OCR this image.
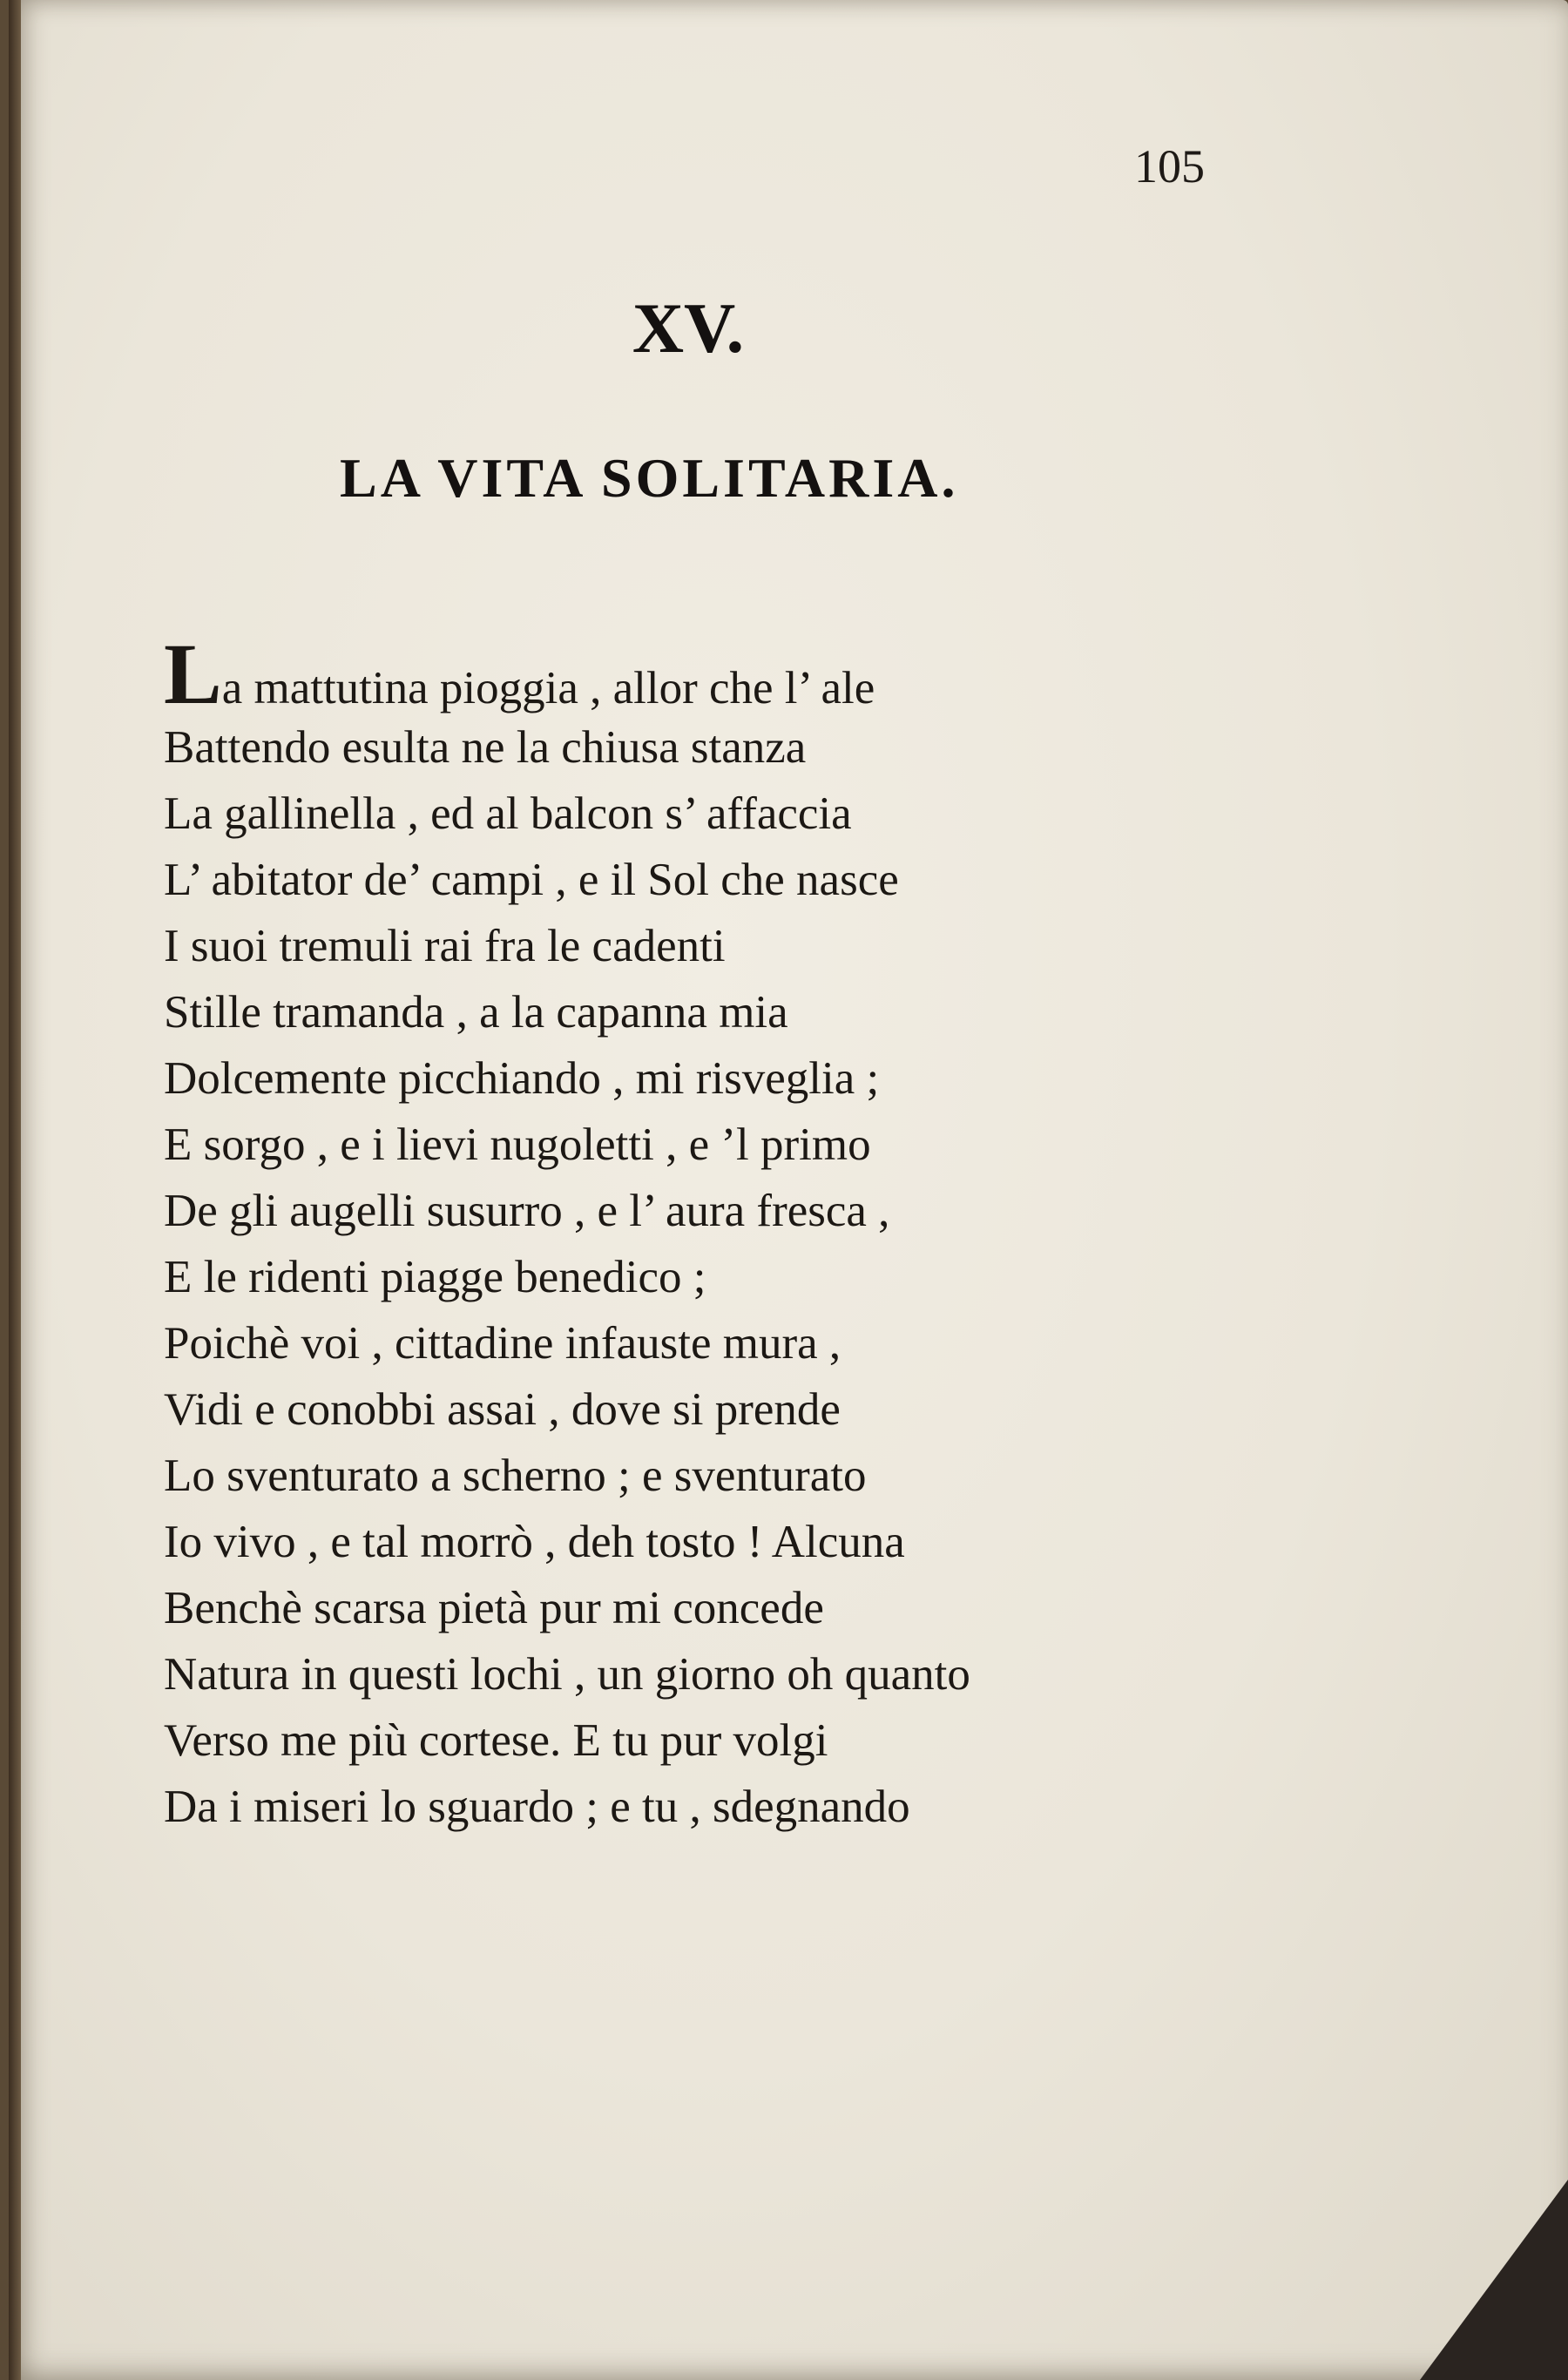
105
XV.
LA VITA SOLITARIA.
La mattutina pioggia , allor che l’ ale
Battendo esulta ne la chiusa stanza
La gallinella , ed al balcon s’ affaccia
L’ abitator de’ campi , e il Sol che nasce
I suoi tremuli rai fra le cadenti
Stille tramanda , a la capanna mia
Dolcemente picchiando , mi risveglia ;
E sorgo , e i lievi nugoletti , e ’l primo
De gli augelli susurro , e l’ aura fresca ,
E le ridenti piagge benedico ;
Poichè voi , cittadine infauste mura ,
Vidi e conobbi assai , dove si prende
Lo sventurato a scherno ; e sventurato
Io vivo , e tal morrò , deh tosto ! Alcuna
Benchè scarsa pietà pur mi concede
Natura in questi lochi , un giorno oh quanto
Verso me più cortese. E tu pur volgi
Da i miseri lo sguardo ; e tu , sdegnando
